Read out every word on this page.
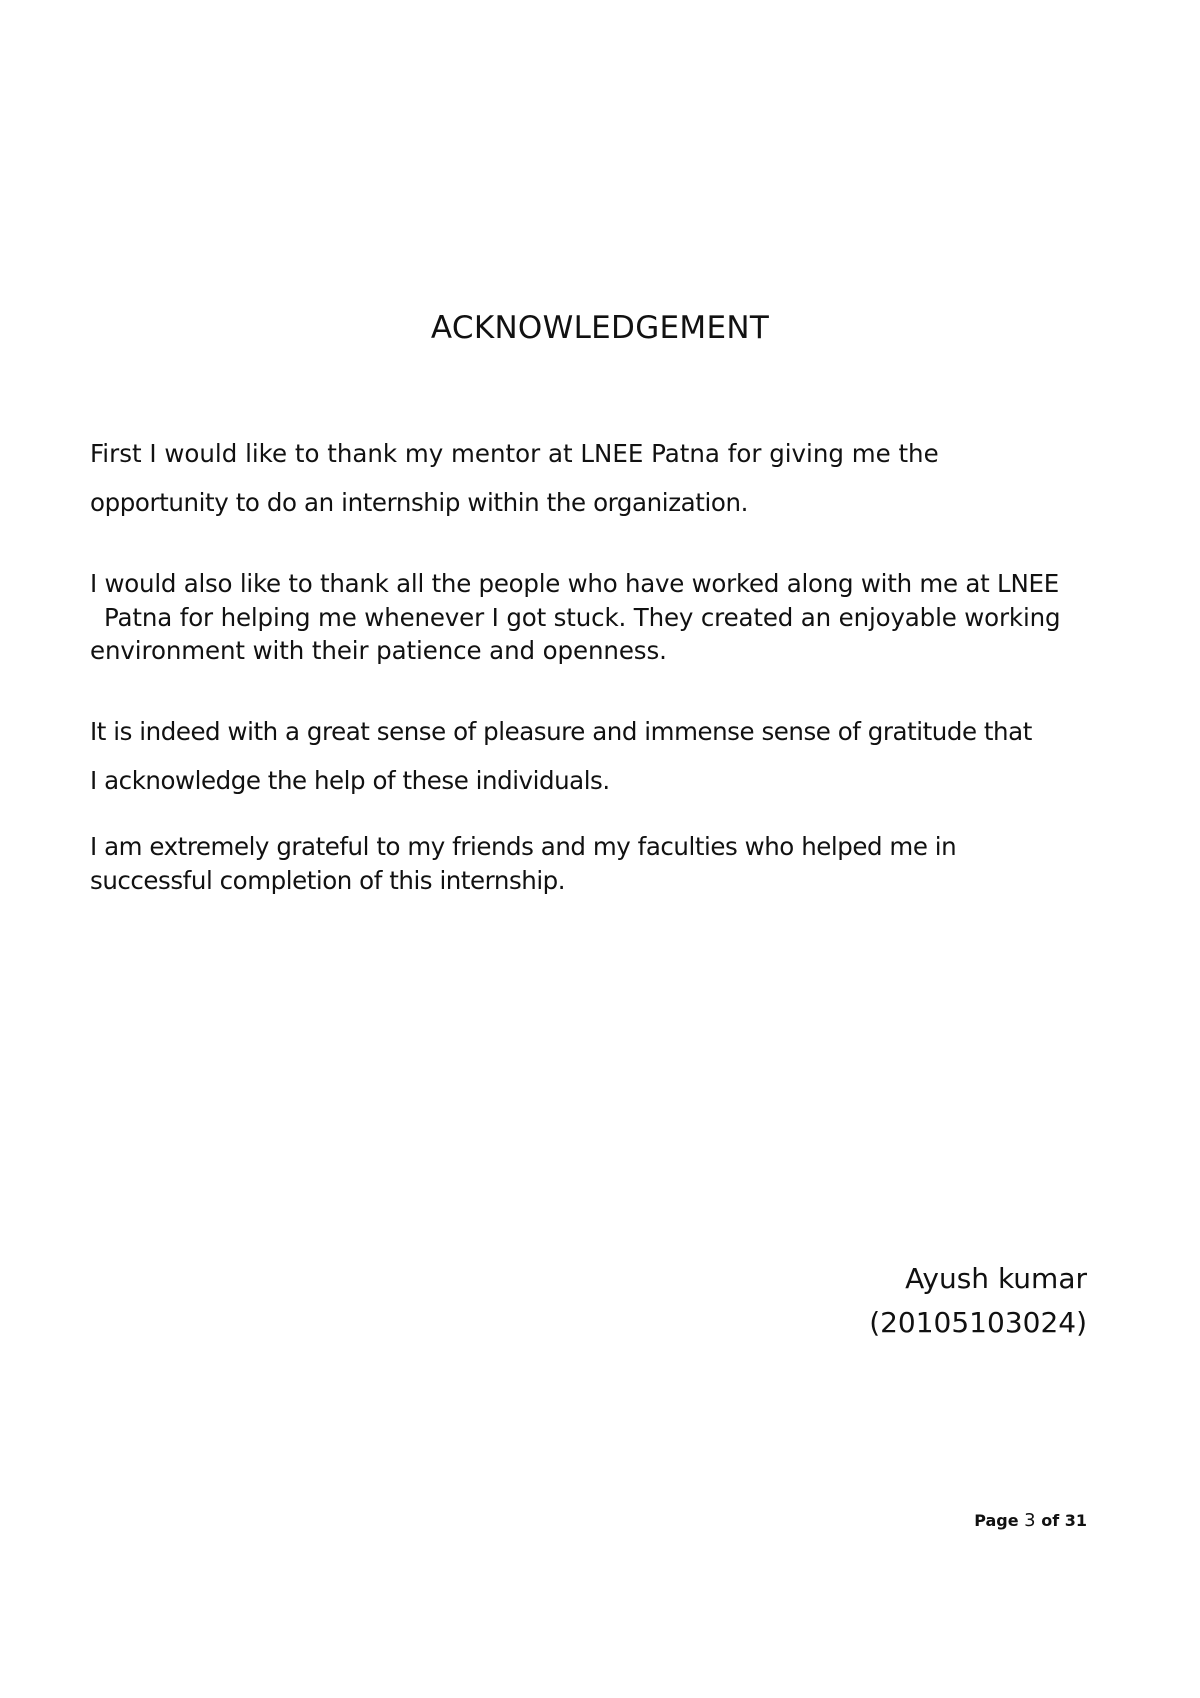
ACKNOWLEDGEMENT

First I would like to thank my mentor at LNEE Patna for giving me the

opportunity to do an internship within the organization.

I would also like to thank all the people who have worked along with me at LNEE

Patna for helping me whenever I got stuck. They created an enjoyable working

environment with their patience and openness.

It is indeed with a great sense of pleasure and immense sense of gratitude that

I acknowledge the help of these individuals.

I am extremely grateful to my friends and my faculties who helped me in

successful completion of this internship.

Ayush kumar
(20105103024)
Page 3 of 31
